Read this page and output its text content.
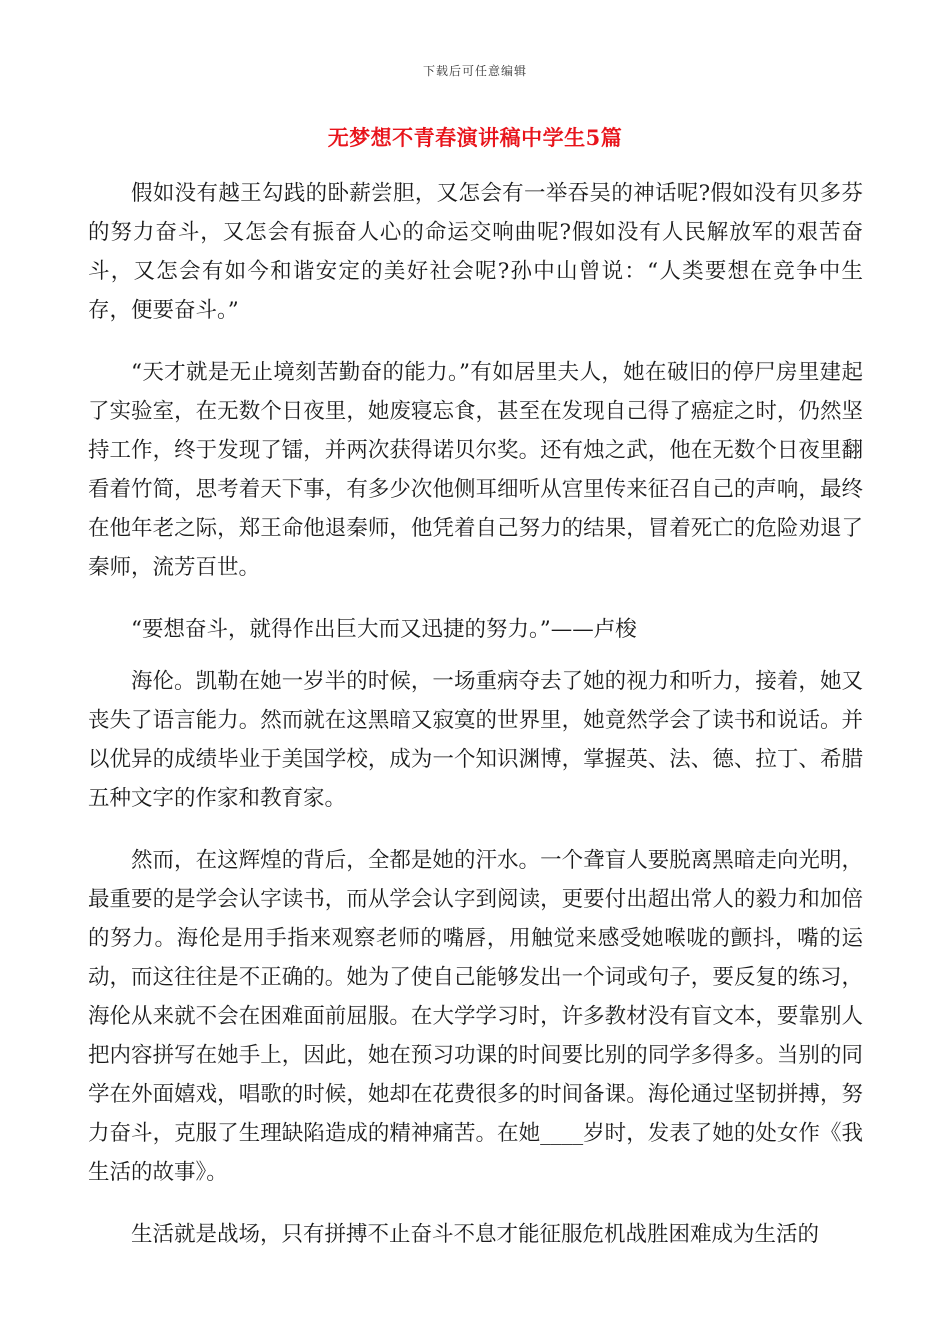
下载后可任意编辑
无梦想不青春演讲稿中学生5篇

假如没有越王勾践的卧薪尝胆，又怎会有一举吞吴的神话呢?假如没有贝多芬的努力奋斗，又怎会有振奋人心的命运交响曲呢?假如没有人民解放军的艰苦奋斗，又怎会有如今和谐安定的美好社会呢?孙中山曾说：“人类要想在竞争中生存，便要奋斗。”

“天才就是无止境刻苦勤奋的能力。”有如居里夫人，她在破旧的停尸房里建起了实验室，在无数个日夜里，她废寝忘食，甚至在发现自己得了癌症之时，仍然坚持工作，终于发现了镭，并两次获得诺贝尔奖。还有烛之武，他在无数个日夜里翻看着竹简，思考着天下事，有多少次他侧耳细听从宫里传来征召自己的声响，最终在他年老之际，郑王命他退秦师，他凭着自己努力的结果，冒着死亡的危险劝退了秦师，流芳百世。

“要想奋斗，就得作出巨大而又迅捷的努力。”——卢梭

海伦。凯勒在她一岁半的时候，一场重病夺去了她的视力和听力，接着，她又丧失了语言能力。然而就在这黑暗又寂寞的世界里，她竟然学会了读书和说话。并以优异的成绩毕业于美国学校，成为一个知识渊博，掌握英、法、德、拉丁、希腊五种文字的作家和教育家。

然而，在这辉煌的背后，全都是她的汗水。一个聋盲人要脱离黑暗走向光明，最重要的是学会认字读书，而从学会认字到阅读，更要付出超出常人的毅力和加倍的努力。海伦是用手指来观察老师的嘴唇，用触觉来感受她喉咙的颤抖，嘴的运动，而这往往是不正确的。她为了使自己能够发出一个词或句子，要反复的练习，海伦从来就不会在困难面前屈服。在大学学习时，许多教材没有盲文本，要靠别人把内容拼写在她手上，因此，她在预习功课的时间要比别的同学多得多。当别的同学在外面嬉戏，唱歌的时候，她却在花费很多的时间备课。海伦通过坚韧拼搏，努力奋斗，克服了生理缺陷造成的精神痛苦。在她____岁时，发表了她的处女作《我生活的故事》。

生活就是战场，只有拼搏不止奋斗不息才能征服危机战胜困难成为生活的
